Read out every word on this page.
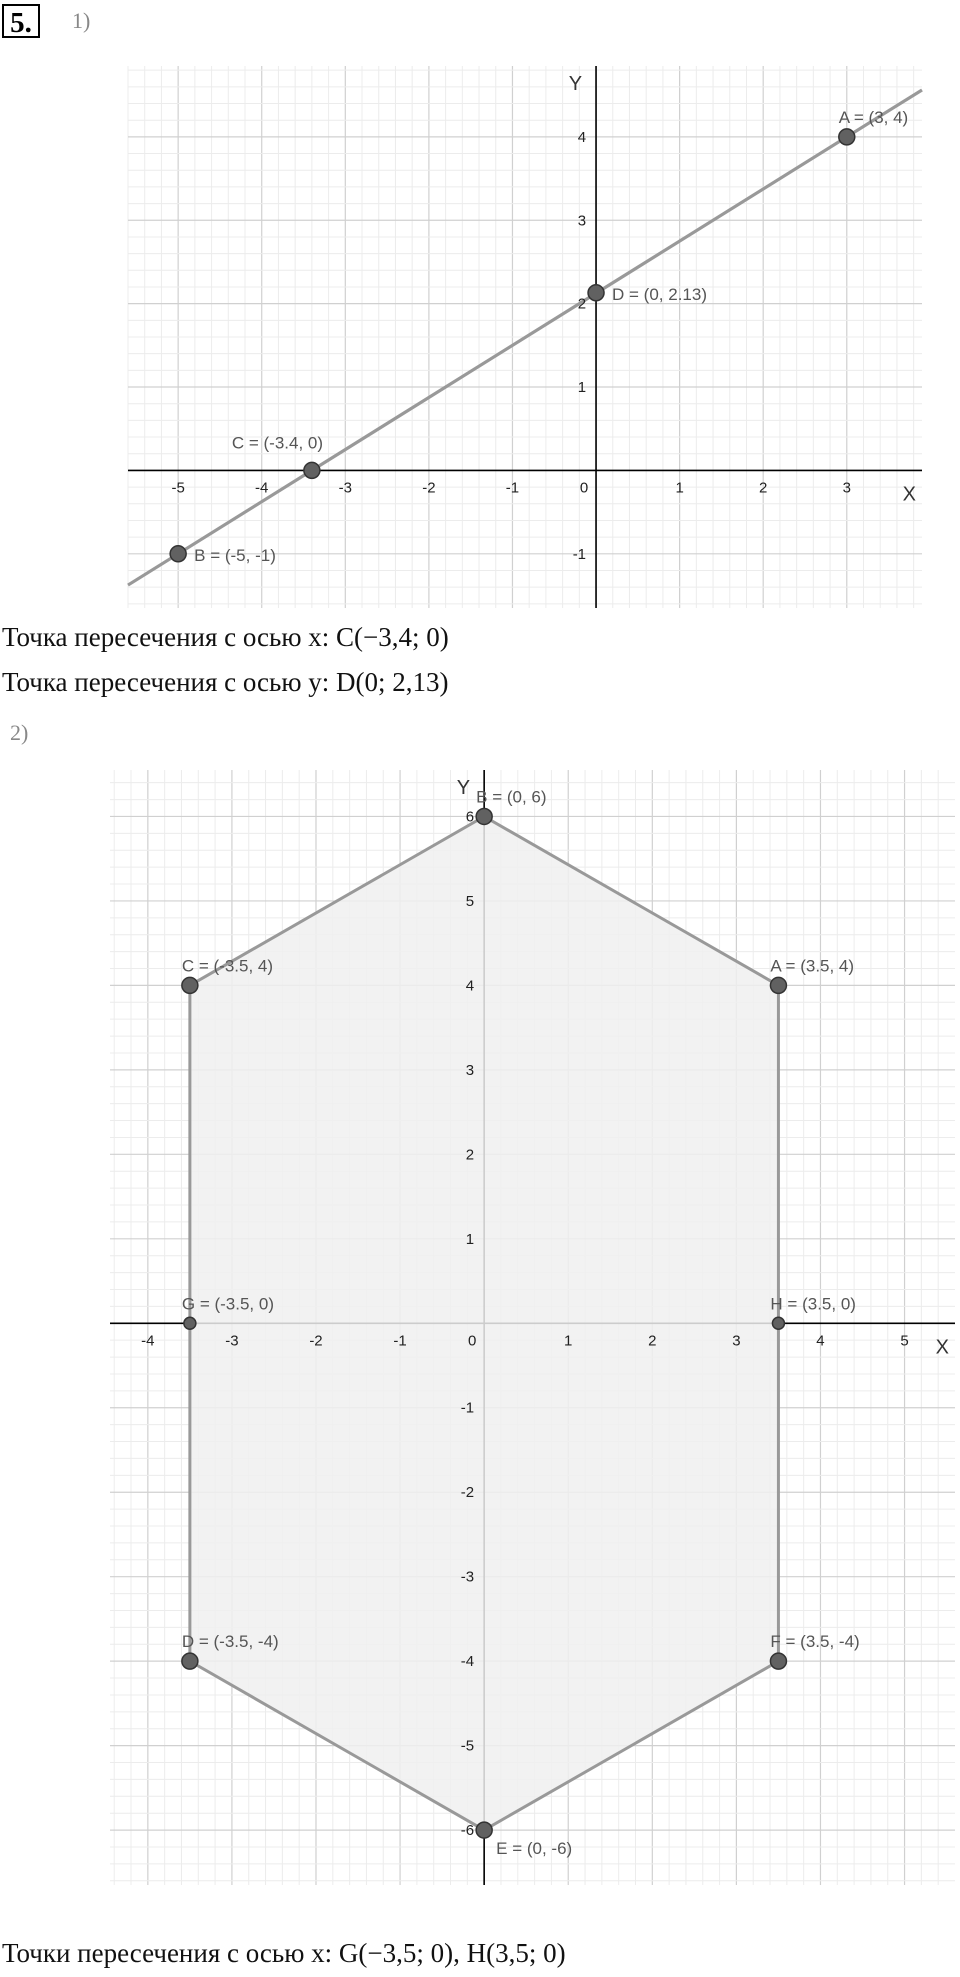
5.	1)
-5	-4	-3	-2	-1	0	1	2	3
-1
1
2
3
4
X
Y
A = (3, 4)
B = (-5, -1)
C = (-3.4, 0)
D = (0, 2.13)
Точка пересечения с осью x: C(−3,4; 0)
Точка пересечения с осью y: D(0; 2,13)
2)
-4	-3	-2	-1	0	1	2	3	4	5
-6
-5
-4
-3
-2
-1
1
2
3
4
5
6
X
Y
A = (3.5, 4)
B = (0, 6)
C = (-3.5, 4)
D = (-3.5, -4)
E = (0, -6)
F = (3.5, -4)
G = (-3.5, 0)	H = (3.5, 0)
Точки пересечения с осью x: G(−3,5; 0), H(3,5; 0)
